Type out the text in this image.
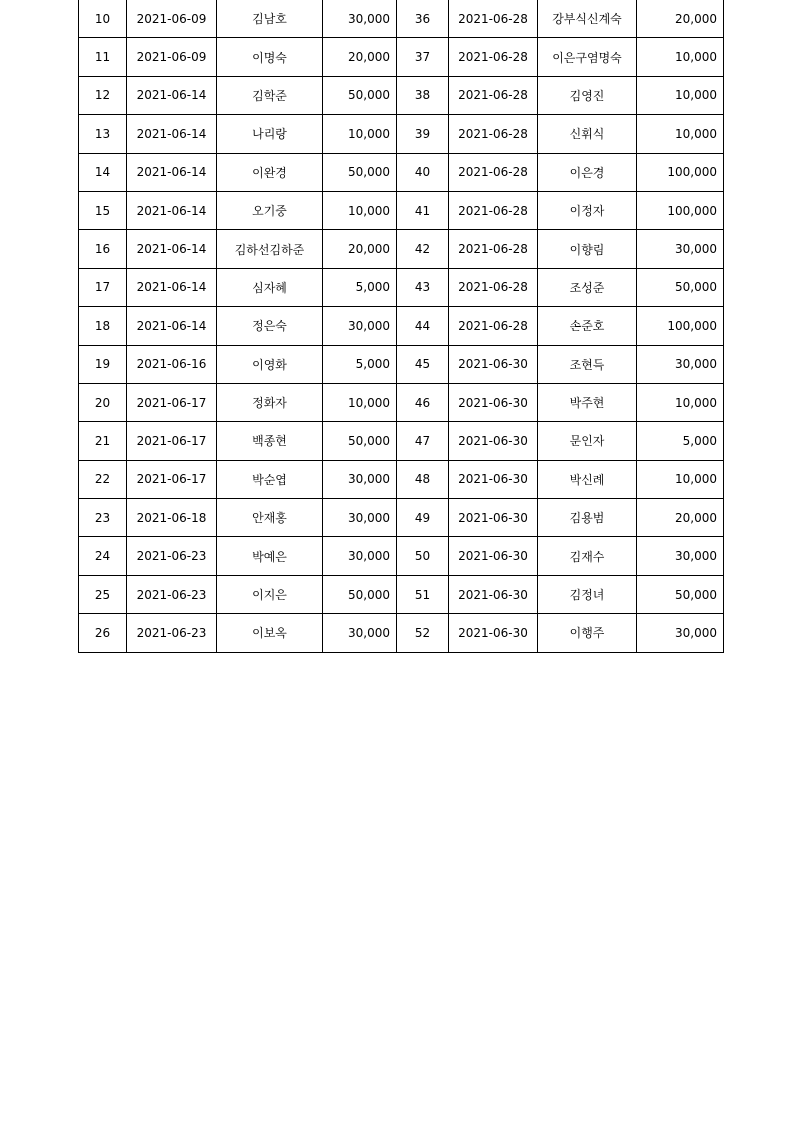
10	2021-06-09	김남호	30,000	36	2021-06-28	강부식신계숙	20,000
11	2021-06-09	이명숙	20,000	37	2021-06-28	이은구염명숙	10,000
12	2021-06-14	김학준	50,000	38	2021-06-28	김영진	10,000
13	2021-06-14	나리랑	10,000	39	2021-06-28	신휘식	10,000
14	2021-06-14	이완경	50,000	40	2021-06-28	이은경	100,000
15	2021-06-14	오기중	10,000	41	2021-06-28	이정자	100,000
16	2021-06-14	김하선김하준	20,000	42	2021-06-28	이향림	30,000
17	2021-06-14	심자혜	5,000	43	2021-06-28	조성준	50,000
18	2021-06-14	정은숙	30,000	44	2021-06-28	손준호	100,000
19	2021-06-16	이영화	5,000	45	2021-06-30	조현득	30,000
20	2021-06-17	정화자	10,000	46	2021-06-30	박주현	10,000
21	2021-06-17	백종현	50,000	47	2021-06-30	문인자	5,000
22	2021-06-17	박순엽	30,000	48	2021-06-30	박신례	10,000
23	2021-06-18	안재홍	30,000	49	2021-06-30	김용범	20,000
24	2021-06-23	박예은	30,000	50	2021-06-30	김재수	30,000
25	2021-06-23	이지은	50,000	51	2021-06-30	김정녀	50,000
26	2021-06-23	이보옥	30,000	52	2021-06-30	이행주	30,000
